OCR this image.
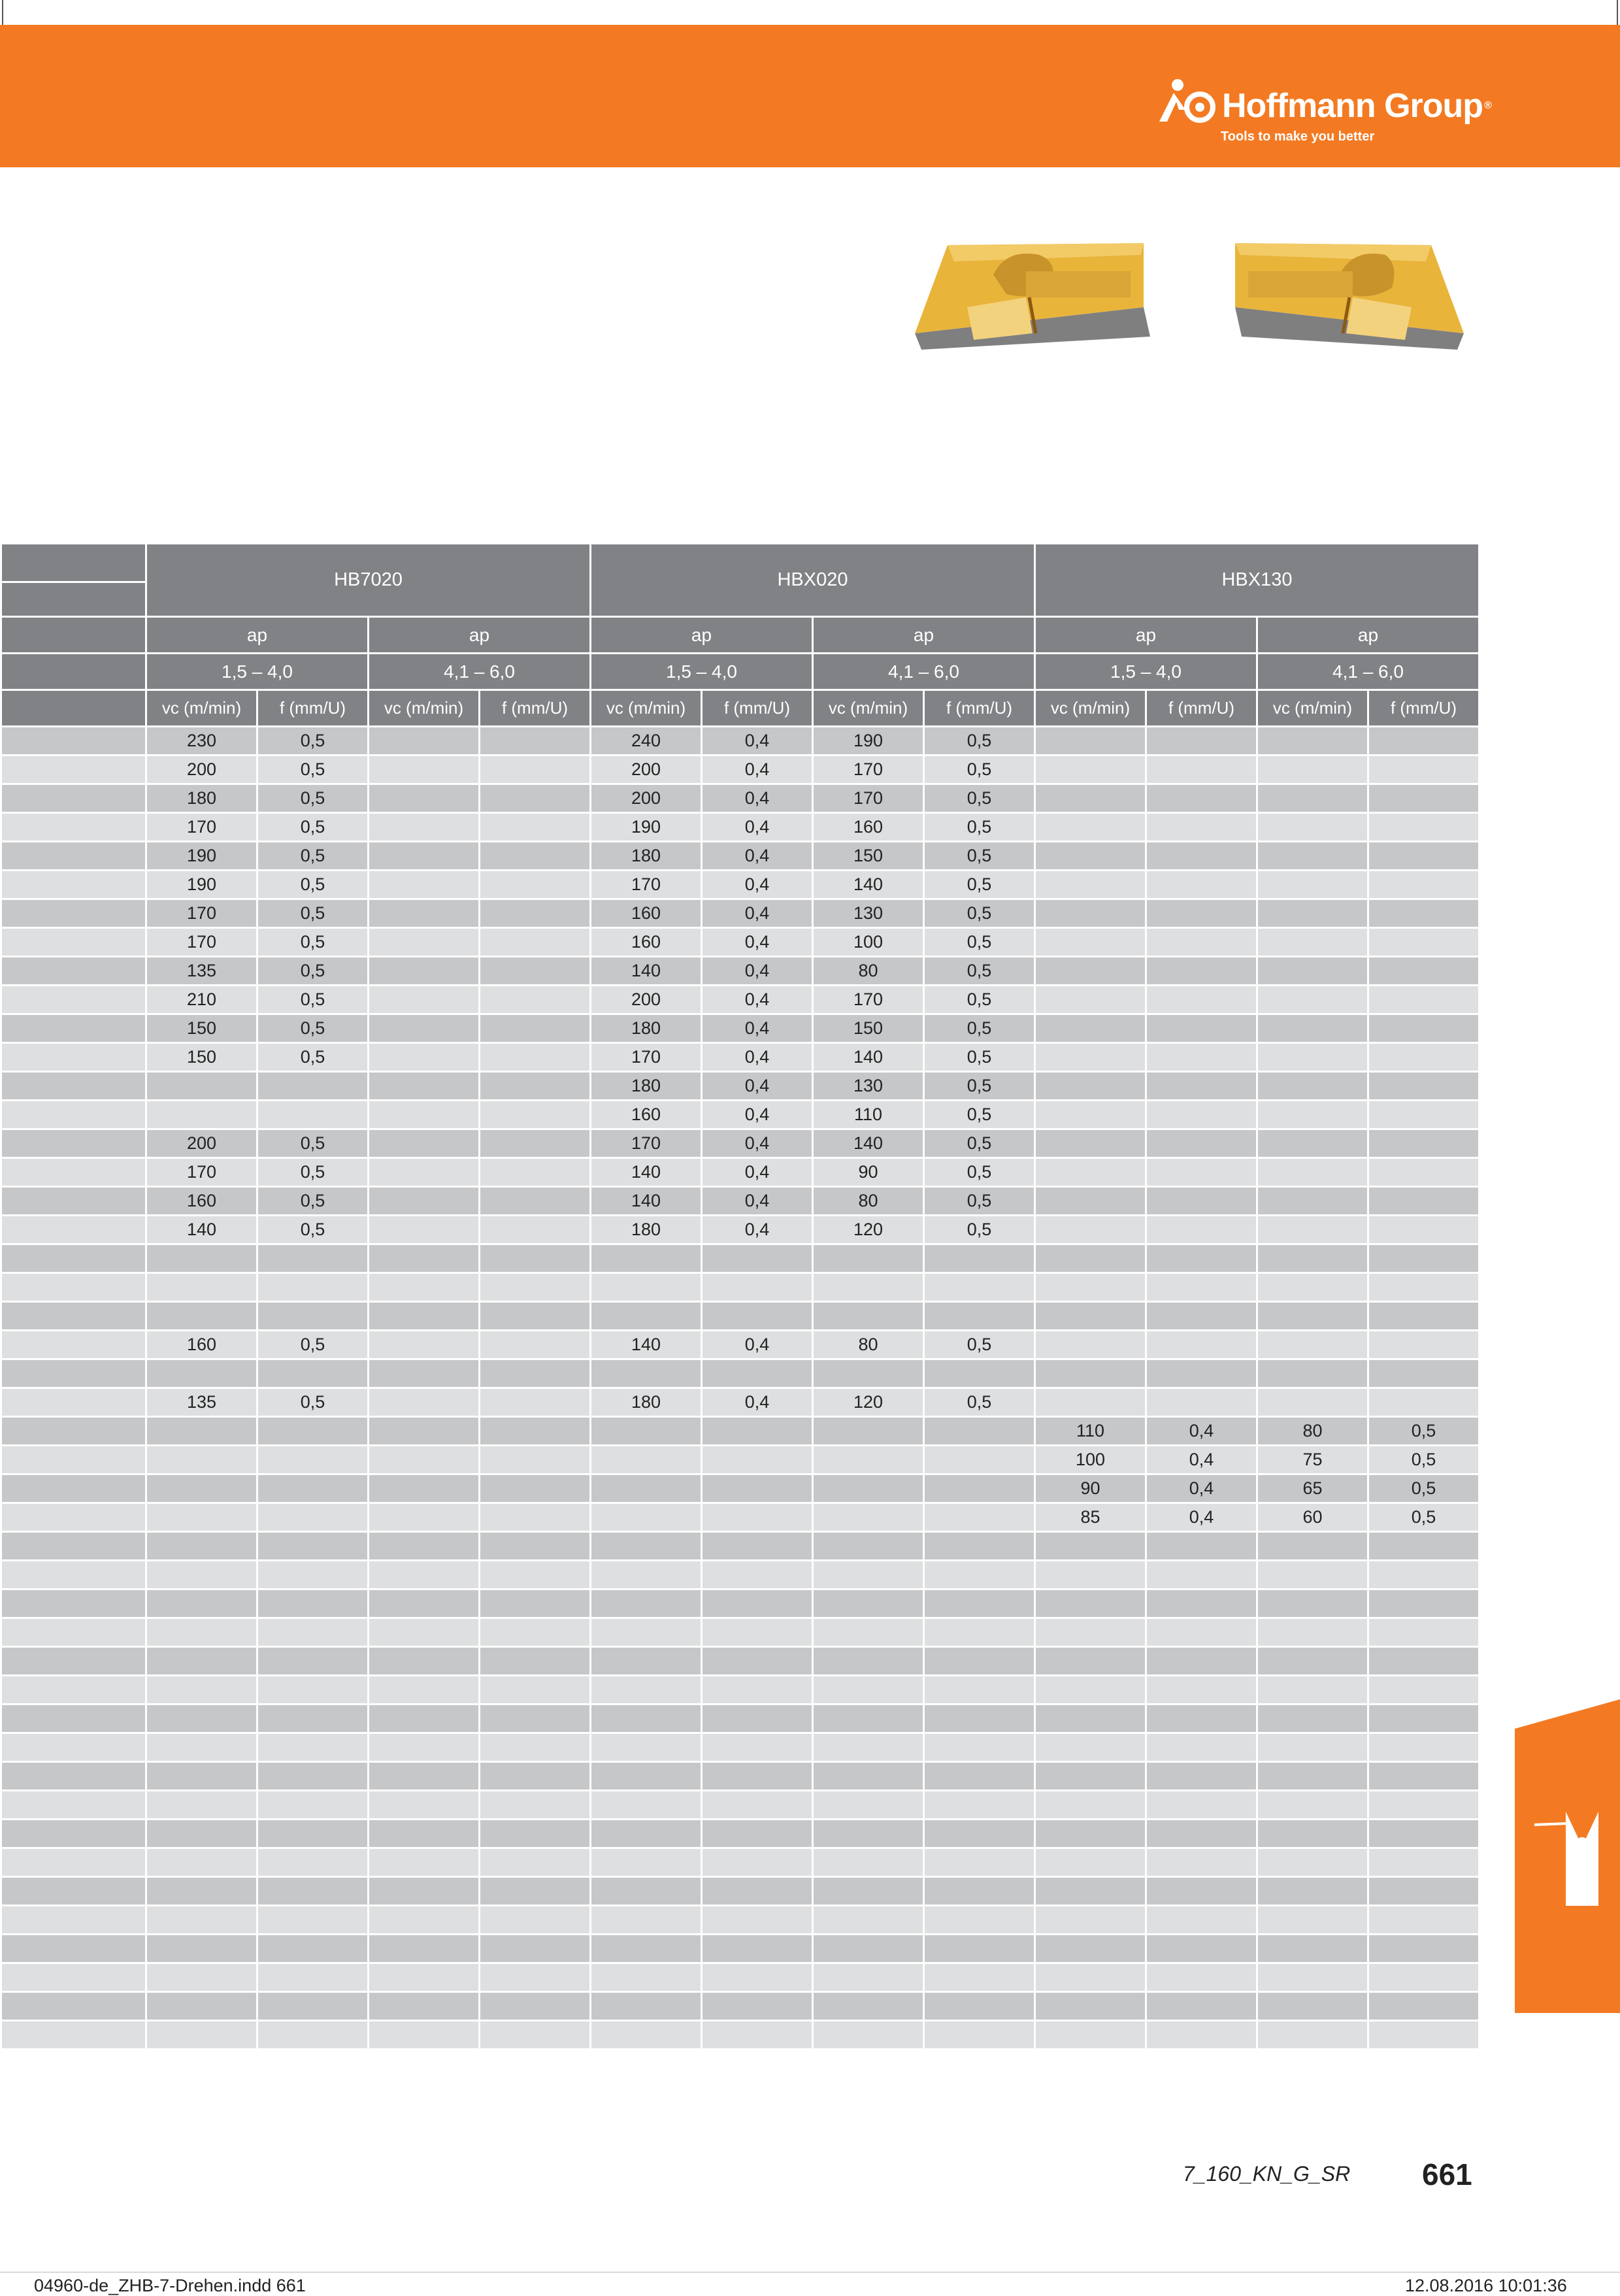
Hoffmann Group ®
Tools to make you better
	HB7020				HBX020				HBX130			

	ap		ap		ap		ap		ap		ap	
	1,5 – 4,0		4,1 – 6,0		1,5 – 4,0		4,1 – 6,0		1,5 – 4,0		4,1 – 6,0	
	vc (m/min)	f (mm/U)	vc (m/min)	f (mm/U)	vc (m/min)	f (mm/U)	vc (m/min)	f (mm/U)	vc (m/min)	f (mm/U)	vc (m/min)	f (mm/U)
	230	0,5			240	0,4	190	0,5				
	200	0,5			200	0,4	170	0,5				
	180	0,5			200	0,4	170	0,5				
	170	0,5			190	0,4	160	0,5				
	190	0,5			180	0,4	150	0,5				
	190	0,5			170	0,4	140	0,5				
	170	0,5			160	0,4	130	0,5				
	170	0,5			160	0,4	100	0,5				
	135	0,5			140	0,4	80	0,5				
	210	0,5			200	0,4	170	0,5				
	150	0,5			180	0,4	150	0,5				
	150	0,5			170	0,4	140	0,5				
					180	0,4	130	0,5				
					160	0,4	110	0,5				
	200	0,5			170	0,4	140	0,5				
	170	0,5			140	0,4	90	0,5				
	160	0,5			140	0,4	80	0,5				
	140	0,5			180	0,4	120	0,5				

	160	0,5			140	0,4	80	0,5				

	135	0,5			180	0,4	120	0,5				
									110	0,4	80	0,5
									100	0,4	75	0,5
									90	0,4	65	0,5
									85	0,4	60	0,5

7_160_KN_G_SR 661
04960-de_ZHB-7-Drehen.indd 661	12.08.2016 10:01:36
